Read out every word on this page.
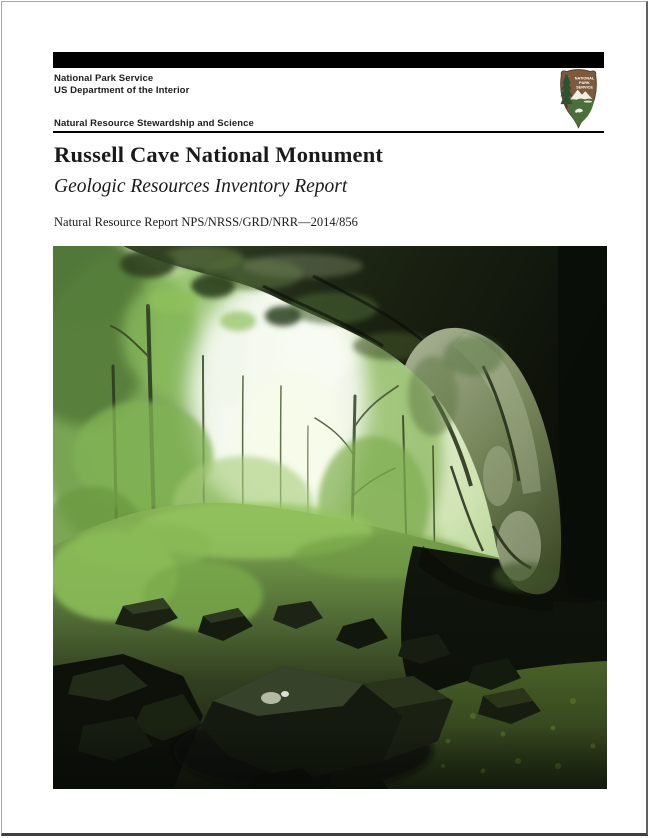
National Park Service
US Department of the Interior
NATIONAL
PARK
SERVICE
Natural Resource Stewardship and Science
Russell Cave National Monument
Geologic Resources Inventory Report

Natural Resource Report NPS/NRSS/GRD/NRR—2014/856
